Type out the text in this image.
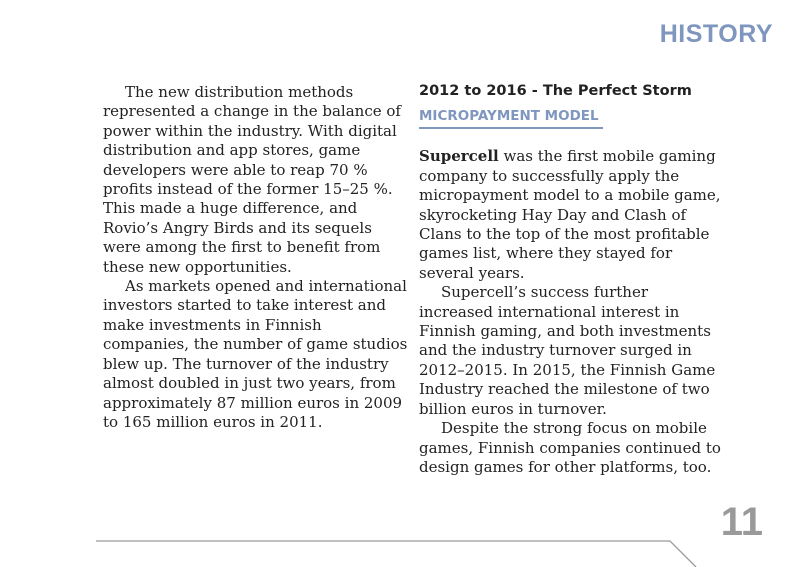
HISTORY

The new distribution methods represented a change in the balance of power within the industry. With digital distribution and app stores, game developers were able to reap 70 % profits instead of the former 15–25 %. This made a huge difference, and Rovio’s Angry Birds and its sequels were among the first to benefit from these new opportunities.

As markets opened and international investors started to take interest and make investments in Finnish companies, the number of game studios blew up. The turnover of the industry almost doubled in just two years, from approximately 87 million euros in 2009 to 165 million euros in 2011.

2012 to 2016 - The Perfect Storm
MICROPAYMENT MODEL

Supercell was the first mobile gaming company to successfully apply the micropayment model to a mobile game, skyrocketing Hay Day and Clash of Clans to the top of the most profitable games list, where they stayed for several years.

Supercell’s success further increased international interest in Finnish gaming, and both investments and the industry turnover surged in 2012–2015. In 2015, the Finnish Game Industry reached the milestone of two billion euros in turnover.

Despite the strong focus on mobile games, Finnish companies continued to design games for other platforms, too.

11
